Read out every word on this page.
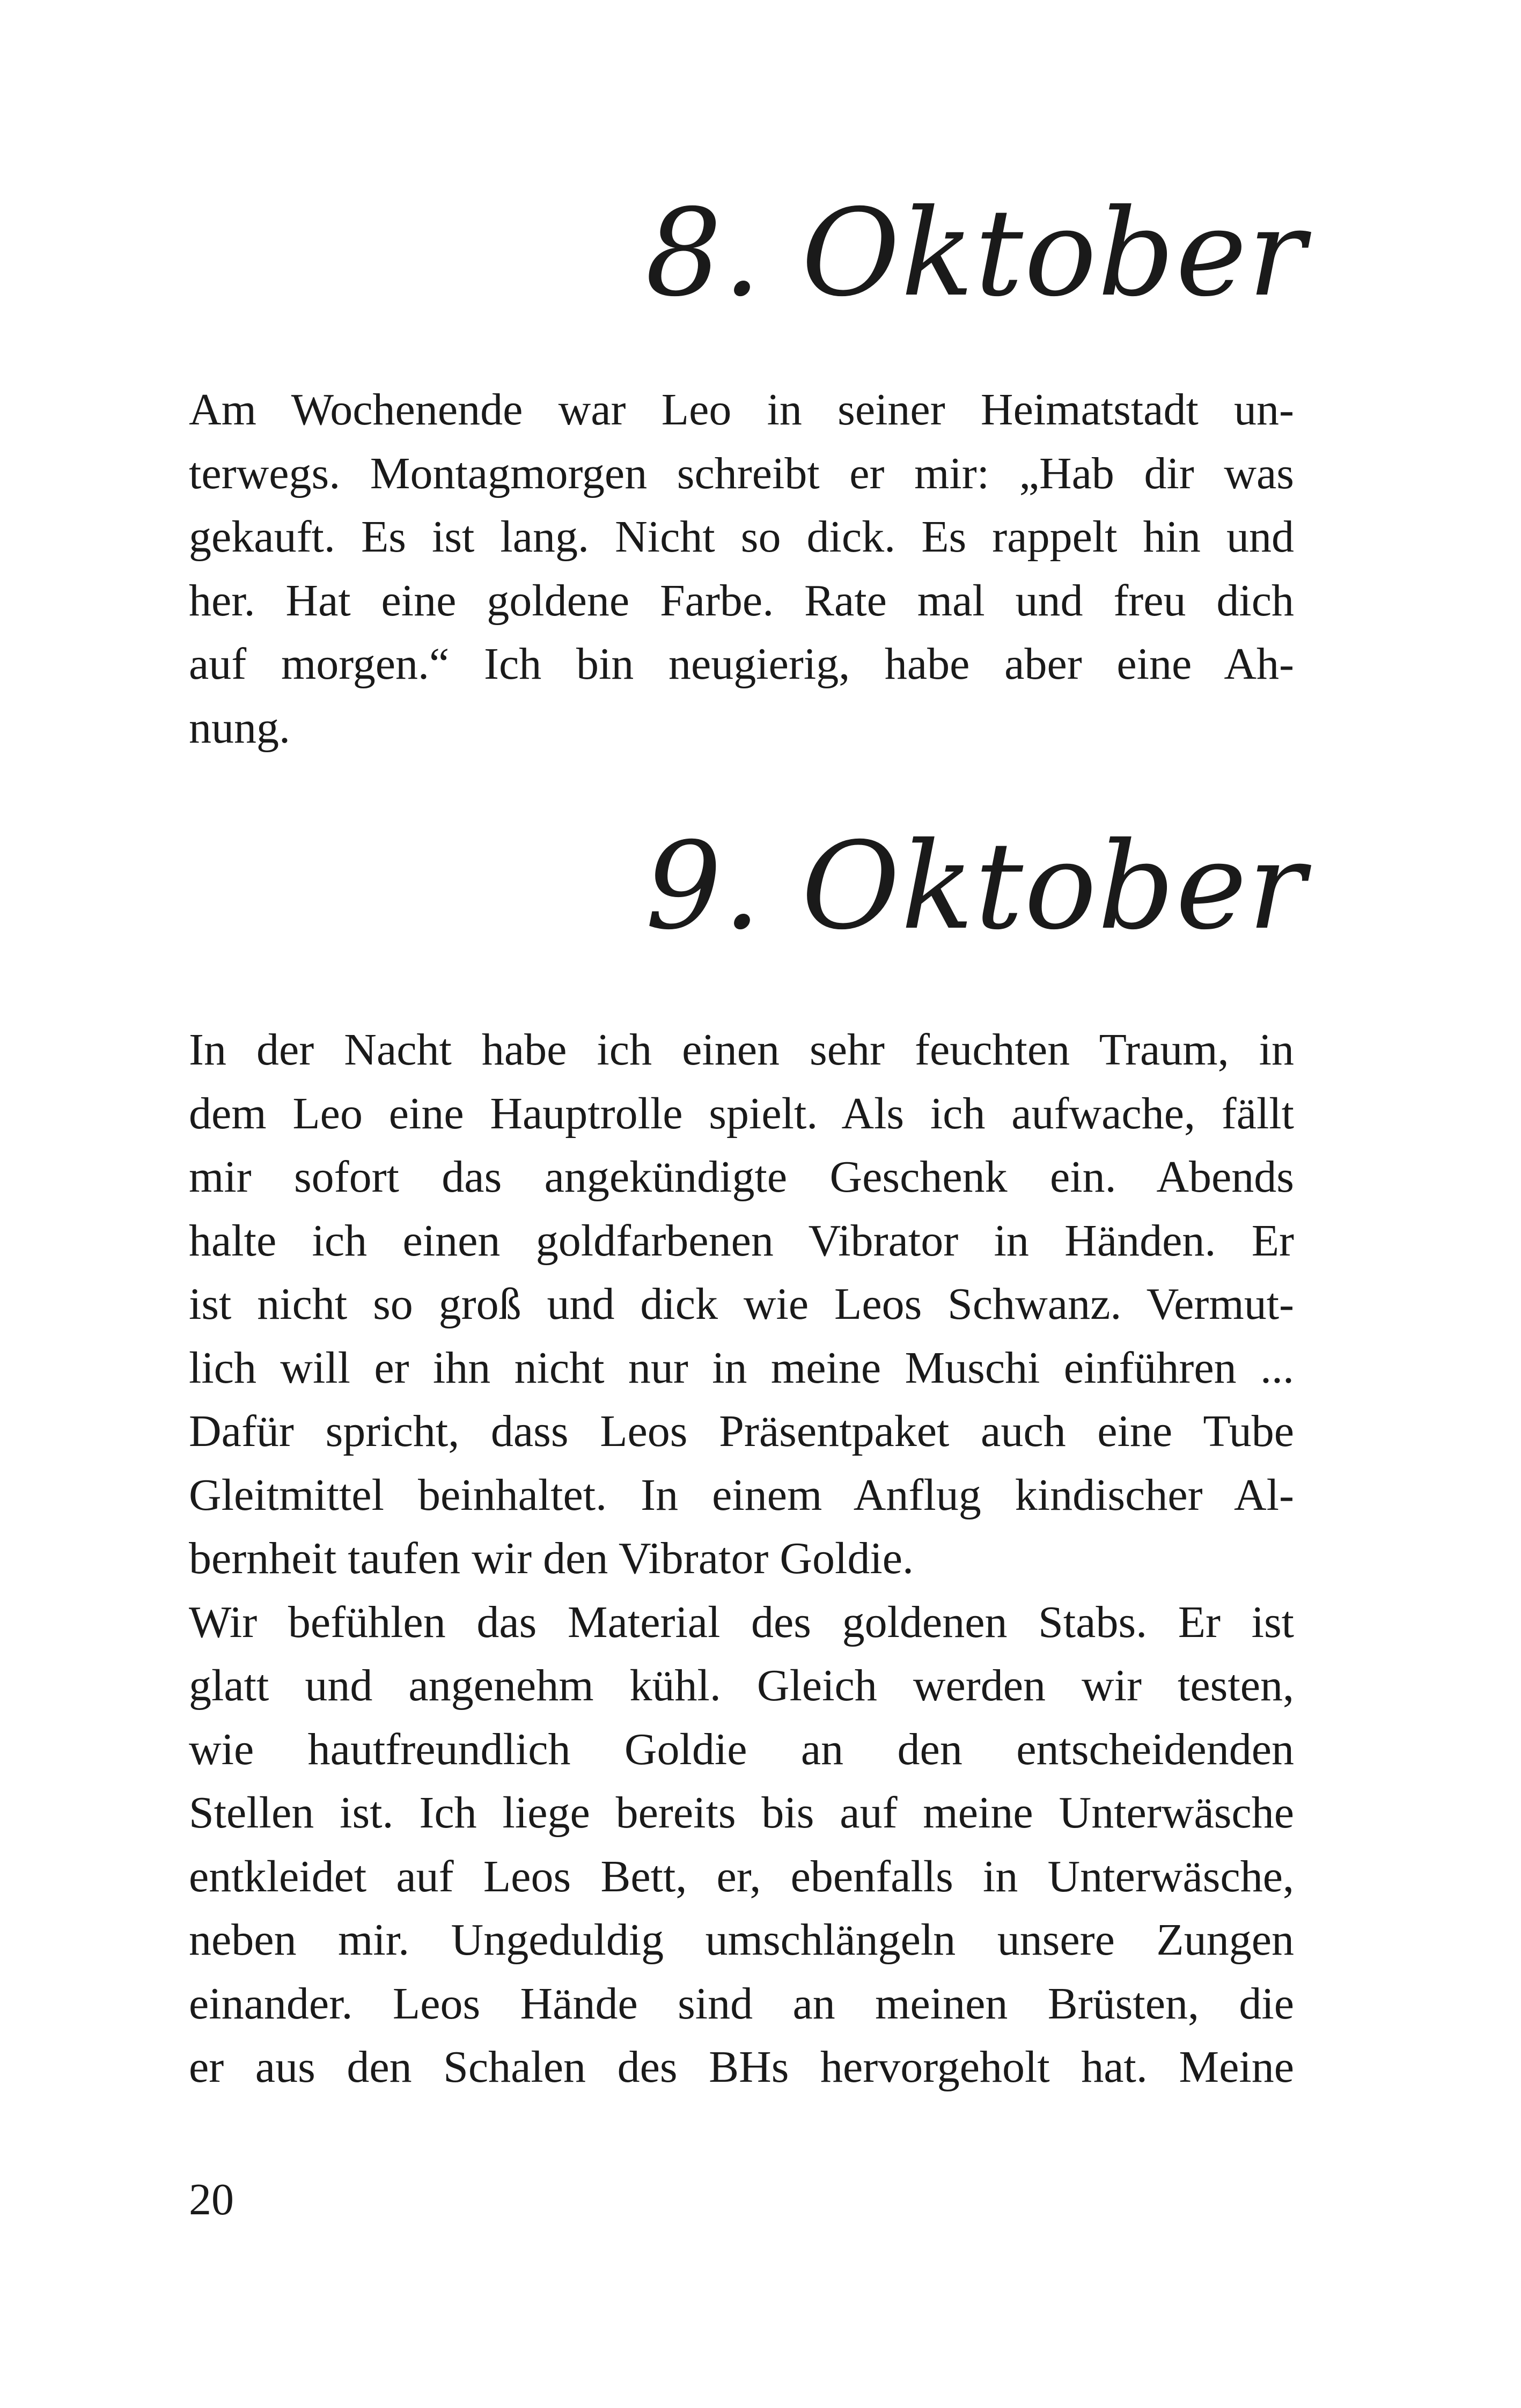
8. Oktober
Am Wochenende war Leo in seiner Heimatstadt un-
terwegs. Montagmorgen schreibt er mir: „Hab dir was
gekauft. Es ist lang. Nicht so dick. Es rappelt hin und
her. Hat eine goldene Farbe. Rate mal und freu dich
auf morgen.“ Ich bin neugierig, habe aber eine Ah-
nung.
9. Oktober
In der Nacht habe ich einen sehr feuchten Traum, in
dem Leo eine Hauptrolle spielt. Als ich aufwache, fällt
mir sofort das angekündigte Geschenk ein. Abends
halte ich einen goldfarbenen Vibrator in Händen. Er
ist nicht so groß und dick wie Leos Schwanz. Vermut-
lich will er ihn nicht nur in meine Muschi einführen ...
Dafür spricht, dass Leos Präsentpaket auch eine Tube
Gleitmittel beinhaltet. In einem Anflug kindischer Al-
bernheit taufen wir den Vibrator Goldie.
Wir befühlen das Material des goldenen Stabs. Er ist
glatt und angenehm kühl. Gleich werden wir testen,
wie hautfreundlich Goldie an den entscheidenden
Stellen ist. Ich liege bereits bis auf meine Unterwäsche
entkleidet auf Leos Bett, er, ebenfalls in Unterwäsche,
neben mir. Ungeduldig umschlängeln unsere Zungen
einander. Leos Hände sind an meinen Brüsten, die
er aus den Schalen des BHs hervorgeholt hat. Meine
20
